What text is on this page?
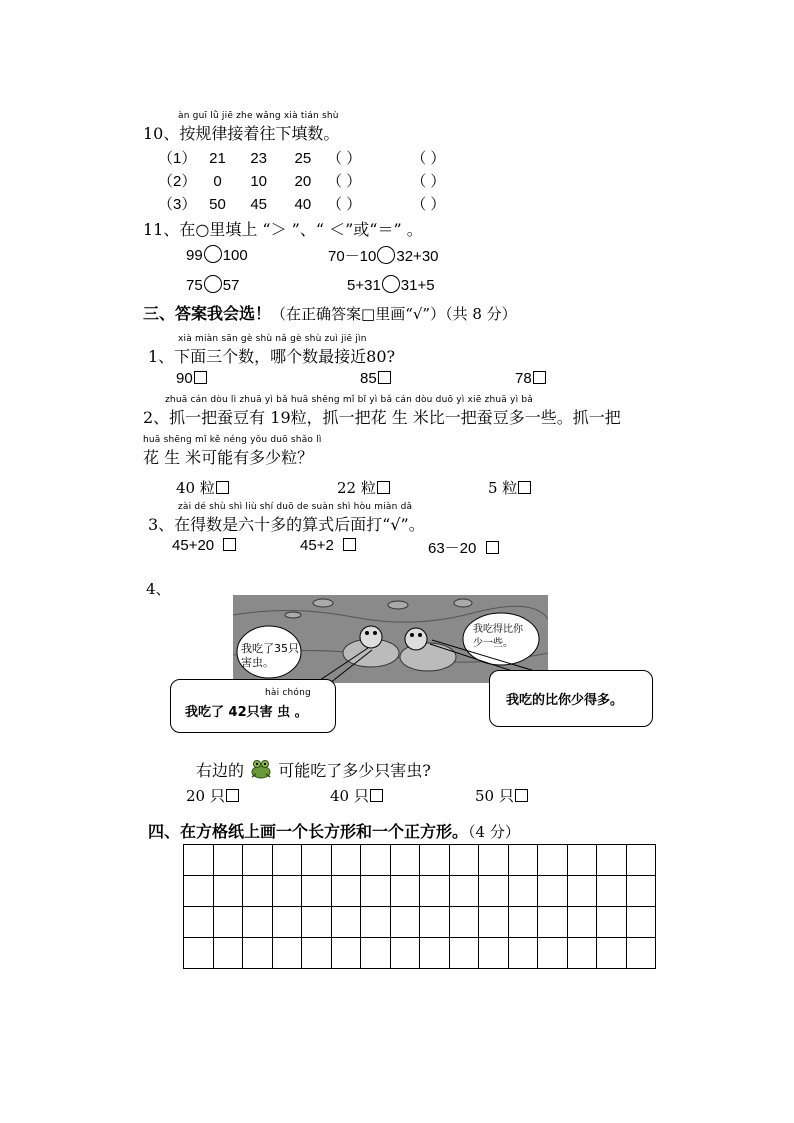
àn guī lǜ jiē zhe wǎng xià tián shù
10、按规律接着往下填数。
（1） 21 23 25 （ ）	（ ）
（2） 0 10 20 （ ）	（ ）
（3） 50 45 40 （ ）	（ ）
11、在○里填上 “＞ ”、“ ＜”或“＝” 。
99 100	70－10 32+30
75 57	5+31 31+5
三、答案我会选！（在正确答案□里画“√”）（共 8 分）
xià miàn sān gè shù nǎ gè shù zuì jiē jìn
1、下面三个数，哪个数最接近80?
90	85	78
zhuā cán dòu lì zhuā yì bǎ huā shēng mǐ bǐ yì bǎ cán dòu duō yì xiē zhuā yì bǎ
2、抓一把蚕豆有 19粒，抓一把花 生 米比一把蚕豆多一些。抓一把
huā shēng mǐ kě néng yǒu duō shǎo lì
花 生 米可能有多少粒？
40 粒	22 粒	5 粒
zài dé shù shì liù shí duō de suàn shì hòu miàn dǎ
3、在得数是六十多的算式后面打“√”。
45+20	45+2	63－20
4、
我吃了35只害虫。
我吃得比你少一些。
hài chóng
我吃了 42只害 虫 。
我吃的比你少得多。
右边的 可能吃了多少只害虫?
20 只	40 只	50 只
四、在方格纸上画一个长方形和一个正方形。（4 分）
